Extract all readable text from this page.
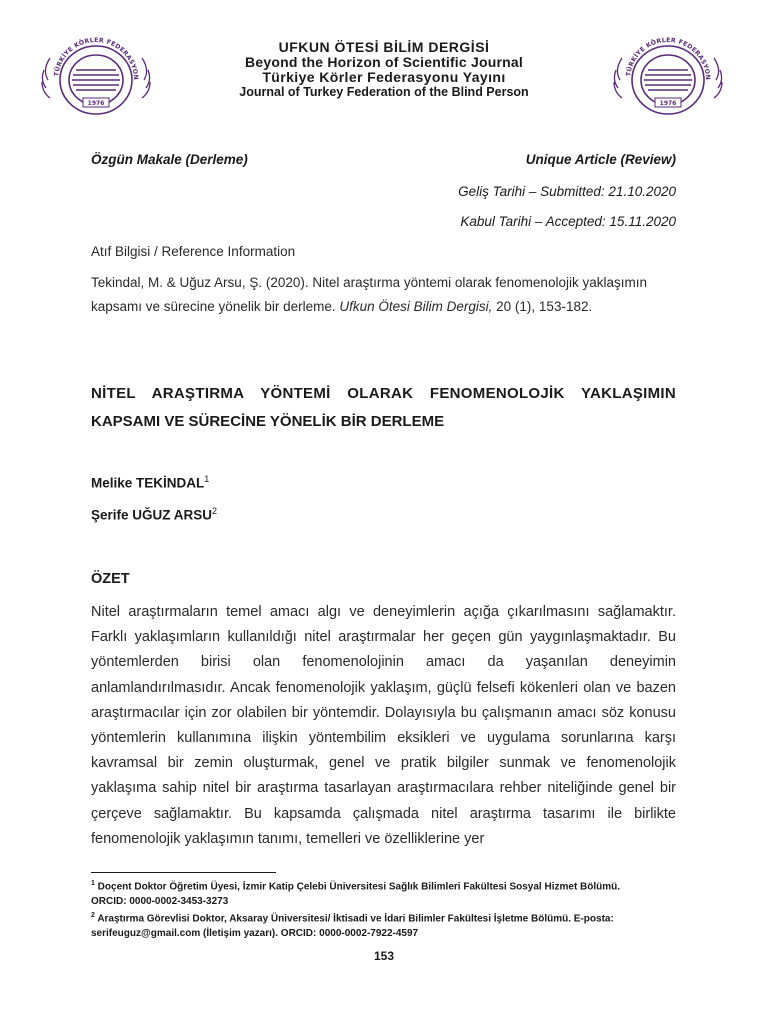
TÜRKİYE KÖRLER FEDERASYON
1976
TÜRKİYE KÖRLER FEDERASYON
1976
UFKUN ÖTESİ BİLİM DERGİSİ
Beyond the Horizon of Scientific Journal
Türkiye Körler Federasyonu Yayını
Journal of Turkey Federation of the Blind Person
Özgün Makale (Derleme)	Unique Article (Review)
Geliş Tarihi – Submitted: 21.10.2020
Kabul Tarihi – Accepted: 15.11.2020
Atıf Bilgisi / Reference Information
Tekindal, M. & Uğuz Arsu, Ş. (2020). Nitel araştırma yöntemi olarak fenomenolojik yaklaşımın kapsamı ve sürecine yönelik bir derleme. Ufkun Ötesi Bilim Dergisi, 20 (1), 153-182.
NİTEL ARAŞTIRMA YÖNTEMİ OLARAK FENOMENOLOJİK YAKLAŞIMIN
KAPSAMI VE SÜRECİNE YÖNELİK BİR DERLEME
Melike TEKİNDAL$^1$
Şerife UĞUZ ARSU$^2$
ÖZET
Nitel araştırmaların temel amacı algı ve deneyimlerin açığa çıkarılmasını sağlamaktır. Farklı yaklaşımların kullanıldığı nitel araştırmalar her geçen gün yaygınlaşmaktadır. Bu yöntemlerden birisi olan fenomenolojinin amacı da yaşanılan deneyimin anlamlandırılmasıdır. Ancak fenomenolojik yaklaşım, güçlü felsefi kökenleri olan ve bazen araştırmacılar için zor olabilen bir yöntemdir. Dolayısıyla bu çalışmanın amacı söz konusu yöntemlerin kullanımına ilişkin yöntembilim eksikleri ve uygulama sorunlarına karşı kavramsal bir zemin oluşturmak, genel ve pratik bilgiler sunmak ve fenomenolojik yaklaşıma sahip nitel bir araştırma tasarlayan araştırmacılara rehber niteliğinde genel bir çerçeve sağlamaktır. Bu kapsamda çalışmada nitel araştırma tasarımı ile birlikte fenomenolojik yaklaşımın tanımı, temelleri ve özelliklerine yer
$^1$ Doçent Doktor Öğretim Üyesi, İzmir Katip Çelebi Üniversitesi Sağlık Bilimleri Fakültesi Sosyal Hizmet Bölümü.
ORCID: 0000-0002-3453-3273
$^2$ Araştırma Görevlisi Doktor, Aksaray Üniversitesi/ İktisadi ve İdari Bilimler Fakültesi İşletme Bölümü. E-posta:
serifeuguz@gmail.com (İletişim yazarı). ORCID: 0000-0002-7922-4597
153
